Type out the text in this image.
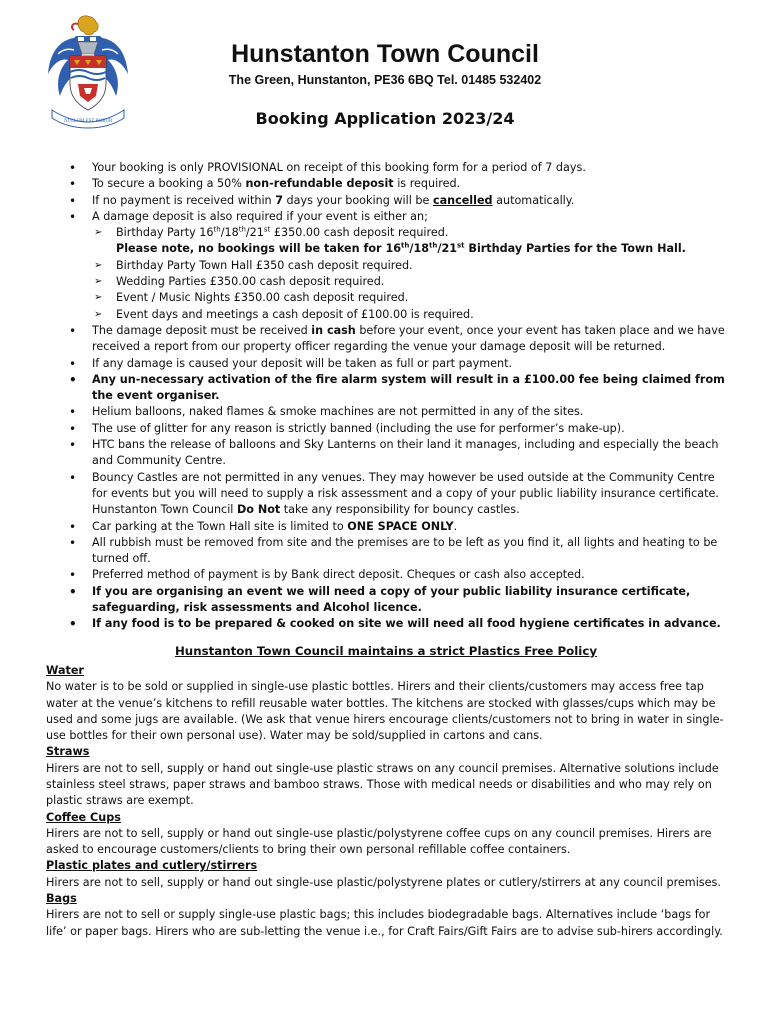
NULLUM EST ROBUR
Hunstanton Town Council
The Green, Hunstanton, PE36 6BQ Tel. 01485 532402
Booking Application 2023/24
• Your booking is only PROVISIONAL on receipt of this booking form for a period of 7 days.
• To secure a booking a 50% non-refundable deposit is required.
• If no payment is received within 7 days your booking will be cancelled automatically.
• A damage deposit is also required if your event is either an;
➢ Birthday Party 16th/18th/21st £350.00 cash deposit required.
Please note, no bookings will be taken for 16th/18th/21st Birthday Parties for the Town Hall.
➢ Birthday Party Town Hall £350 cash deposit required.
➢ Wedding Parties £350.00 cash deposit required.
➢ Event / Music Nights £350.00 cash deposit required.
➢ Event days and meetings a cash deposit of £100.00 is required.
• The damage deposit must be received in cash before your event, once your event has taken place and we have received a report from our property officer regarding the venue your damage deposit will be returned.
• If any damage is caused your deposit will be taken as full or part payment.
• Any un-necessary activation of the fire alarm system will result in a £100.00 fee being claimed from the event organiser.
• Helium balloons, naked flames & smoke machines are not permitted in any of the sites.
• The use of glitter for any reason is strictly banned (including the use for performer’s make-up).
• HTC bans the release of balloons and Sky Lanterns on their land it manages, including and especially the beach and Community Centre.
• Bouncy Castles are not permitted in any venues. They may however be used outside at the Community Centre for events but you will need to supply a risk assessment and a copy of your public liability insurance certificate. Hunstanton Town Council Do Not take any responsibility for bouncy castles.
• Car parking at the Town Hall site is limited to ONE SPACE ONLY.
• All rubbish must be removed from site and the premises are to be left as you find it, all lights and heating to be turned off.
• Preferred method of payment is by Bank direct deposit. Cheques or cash also accepted.
• If you are organising an event we will need a copy of your public liability insurance certificate, safeguarding, risk assessments and Alcohol licence.
• If any food is to be prepared & cooked on site we will need all food hygiene certificates in advance.
Hunstanton Town Council maintains a strict Plastics Free Policy

Water

No water is to be sold or supplied in single-use plastic bottles. Hirers and their clients/customers may access free tap water at the venue’s kitchens to refill reusable water bottles. The kitchens are stocked with glasses/cups which may be used and some jugs are available. (We ask that venue hirers encourage clients/customers not to bring in water in single-use bottles for their own personal use). Water may be sold/supplied in cartons and cans.

Straws

Hirers are not to sell, supply or hand out single-use plastic straws on any council premises. Alternative solutions include stainless steel straws, paper straws and bamboo straws. Those with medical needs or disabilities and who may rely on plastic straws are exempt.

Coffee Cups

Hirers are not to sell, supply or hand out single-use plastic/polystyrene coffee cups on any council premises. Hirers are asked to encourage customers/clients to bring their own personal refillable coffee containers.

Plastic plates and cutlery/stirrers

Hirers are not to sell, supply or hand out single-use plastic/polystyrene plates or cutlery/stirrers at any council premises.

Bags

Hirers are not to sell or supply single-use plastic bags; this includes biodegradable bags. Alternatives include ‘bags for life’ or paper bags. Hirers who are sub-letting the venue i.e., for Craft Fairs/Gift Fairs are to advise sub-hirers accordingly.
